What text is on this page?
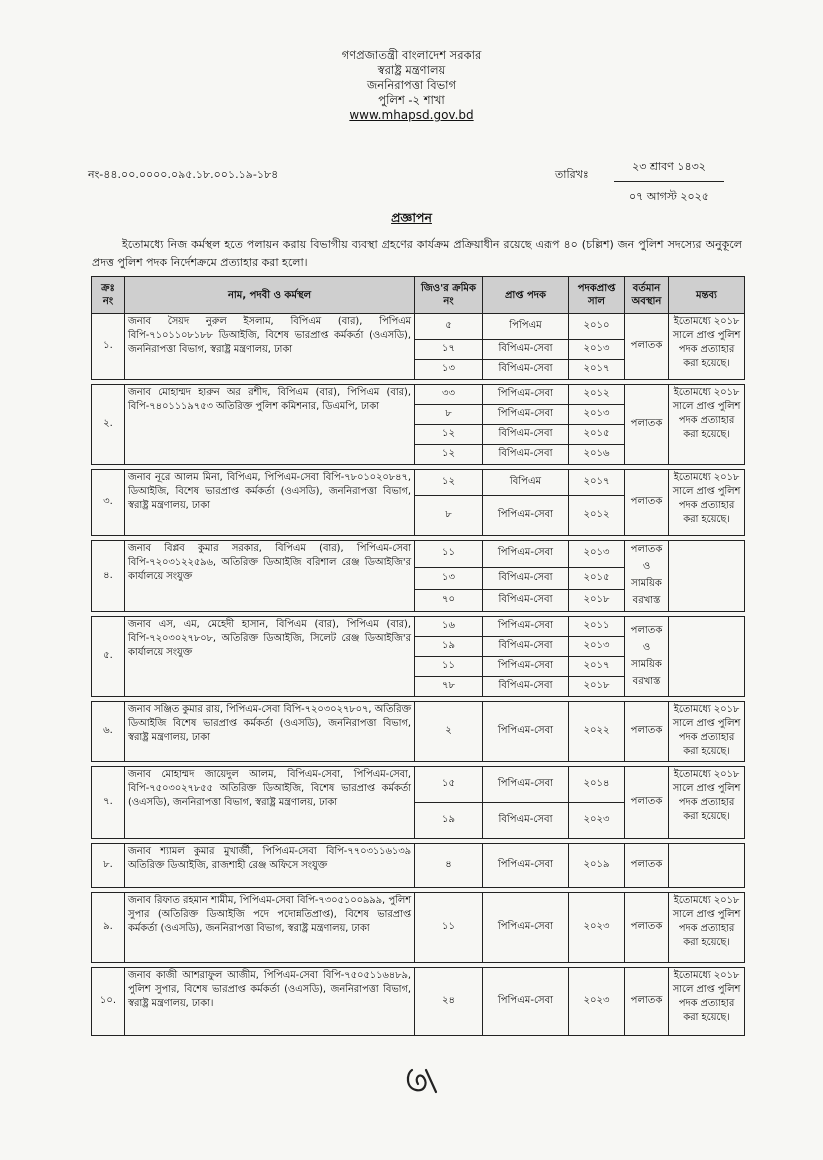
গণপ্রজাতন্ত্রী বাংলাদেশ সরকার
স্বরাষ্ট্র মন্ত্রণালয়
জননিরাপত্তা বিভাগ
পুলিশ -২ শাখা
www.mhapsd.gov.bd
নং-৪৪.০০.০০০০.০৯৫.১৮.০০১.১৯-১৮৪	তারিখঃ
২৩ শ্রাবণ ১৪৩২
০৭ আগস্ট ২০২৫
প্রজ্ঞাপন
ইতোমধ্যে নিজ কর্মস্থল হতে পলায়ন করায় বিভাগীয় ব্যবস্থা গ্রহণের কার্যক্রম প্রক্রিয়াধীন রয়েছে এরূপ ৪০ (চল্লিশ) জন পুলিশ সদস্যের অনুকূলে প্রদত্ত পুলিশ পদক নির্দেশক্রমে প্রত্যাহার করা হলো।
ক্রঃ নং	নাম, পদবী ও কর্মস্থল	জিও'র ক্রমিক নং	প্রাপ্ত পদক	পদকপ্রাপ্ত সাল	বর্তমান অবস্থান	মন্তব্য
১.	জনাব সৈয়দ নুরুল ইসলাম, বিপিএম (বার), পিপিএম বিপি-৭১০১১০৮১৮৮ ডিআইজি, বিশেষ ভারপ্রাপ্ত কর্মকর্তা (ওএসডি), জননিরাপত্তা বিভাগ, স্বরাষ্ট্র মন্ত্রণালয়, ঢাকা	৫	পিপিএম	২০১০	পলাতক	ইতোমধ্যে ২০১৮ সালে প্রাপ্ত পুলিশ পদক প্রত্যাহার করা হয়েছে।
		১৭	বিপিএম-সেবা	২০১৩		
		১৩	বিপিএম-সেবা	২০১৭		

২.	জনাব মোহাম্মদ হারুন অর রশীদ, বিপিএম (বার), পিপিএম (বার), বিপি-৭৪০১১১৯৭৫৩ অতিরিক্ত পুলিশ কমিশনার, ডিএমপি, ঢাকা	৩৩	পিপিএম-সেবা	২০১২	পলাতক	ইতোমধ্যে ২০১৮ সালে প্রাপ্ত পুলিশ পদক প্রত্যাহার করা হয়েছে।
		৮	পিপিএম-সেবা	২০১৩		
		১২	বিপিএম-সেবা	২০১৫		
		১২	বিপিএম-সেবা	২০১৬		

৩.	জনাব নূরে আলম মিনা, বিপিএম, পিপিএম-সেবা বিপি-৭৮০১০২০৮৪৭, ডিআইজি, বিশেষ ভারপ্রাপ্ত কর্মকর্তা (ওএসডি), জননিরাপত্তা বিভাগ, স্বরাষ্ট্র মন্ত্রণালয়, ঢাকা	১২	বিপিএম	২০১৭	পলাতক	ইতোমধ্যে ২০১৮ সালে প্রাপ্ত পুলিশ পদক প্রত্যাহার করা হয়েছে।
		৮	পিপিএম-সেবা	২০১২		

৪.	জনাব বিপ্লব কুমার সরকার, বিপিএম (বার), পিপিএম-সেবা বিপি-৭২০৩১২২৫৯৬, অতিরিক্ত ডিআইজি বরিশাল রেঞ্জ ডিআইজি'র কার্যালয়ে সংযুক্ত	১১	পিপিএম-সেবা	২০১৩	পলাতক ও সাময়িক বরখাস্ত	
		১৩	বিপিএম-সেবা	২০১৫		
		৭০	বিপিএম-সেবা	২০১৮		

৫.	জনাব এস, এম, মেহেদী হাসান, বিপিএম (বার), পিপিএম (বার), বিপি-৭২০৩০২৭৮০৮, অতিরিক্ত ডিআইজি, সিলেট রেঞ্জ ডিআইজি'র কার্যালয়ে সংযুক্ত	১৬	পিপিএম-সেবা	২০১১	পলাতক ও সাময়িক বরখাস্ত	
		১৯	বিপিএম-সেবা	২০১৩		
		১১	পিপিএম-সেবা	২০১৭		
		৭৮	বিপিএম-সেবা	২০১৮		

৬.	জনাব সঞ্জিত কুমার রায়, পিপিএম-সেবা বিপি-৭২০৩০২৭৮০৭, অতিরিক্ত ডিআইজি বিশেষ ভারপ্রাপ্ত কর্মকর্তা (ওএসডি), জননিরাপত্তা বিভাগ, স্বরাষ্ট্র মন্ত্রণালয়, ঢাকা	২	পিপিএম-সেবা	২০২২	পলাতক	ইতোমধ্যে ২০১৮ সালে প্রাপ্ত পুলিশ পদক প্রত্যাহার করা হয়েছে।

৭.	জনাব মোহাম্মদ জায়েদুল আলম, বিপিএম-সেবা, পিপিএম-সেবা, বিপি-৭৫০৩০২৭৮৫৫ অতিরিক্ত ডিআইজি, বিশেষ ভারপ্রাপ্ত কর্মকর্তা (ওএসডি), জননিরাপত্তা বিভাগ, স্বরাষ্ট্র মন্ত্রণালয়, ঢাকা	১৫	পিপিএম-সেবা	২০১৪	পলাতক	ইতোমধ্যে ২০১৮ সালে প্রাপ্ত পুলিশ পদক প্রত্যাহার করা হয়েছে।
		১৯	বিপিএম-সেবা	২০২৩		

৮.	জনাব শ্যামল কুমার মুখার্জী, পিপিএম-সেবা বিপি-৭৭০৩১১৬১৩৯ অতিরিক্ত ডিআইজি, রাজশাহী রেঞ্জ অফিসে সংযুক্ত	৪	পিপিএম-সেবা	২০১৯	পলাতক	

৯.	জনাব রিফাত রহমান শামীম, পিপিএম-সেবা বিপি-৭৩০৫১০০৯৯৯, পুলিশ সুপার (অতিরিক্ত ডিআইজি পদে পদোন্নতিপ্রাপ্ত), বিশেষ ভারপ্রাপ্ত কর্মকর্তা (ওএসডি), জননিরাপত্তা বিভাগ, স্বরাষ্ট্র মন্ত্রণালয়, ঢাকা	১১	পিপিএম-সেবা	২০২৩	পলাতক	ইতোমধ্যে ২০১৮ সালে প্রাপ্ত পুলিশ পদক প্রত্যাহার করা হয়েছে।

১০.	জনাব কাজী আশরাফুল আজীম, পিপিএম-সেবা বিপি-৭৫০৫১১৬৪৮৯, পুলিশ সুপার, বিশেষ ভারপ্রাপ্ত কর্মকর্তা (ওএসডি), জননিরাপত্তা বিভাগ, স্বরাষ্ট্র মন্ত্রণালয়, ঢাকা।	২৪	পিপিএম-সেবা	২০২৩	পলাতক	ইতোমধ্যে ২০১৮ সালে প্রাপ্ত পুলিশ পদক প্রত্যাহার করা হয়েছে।
